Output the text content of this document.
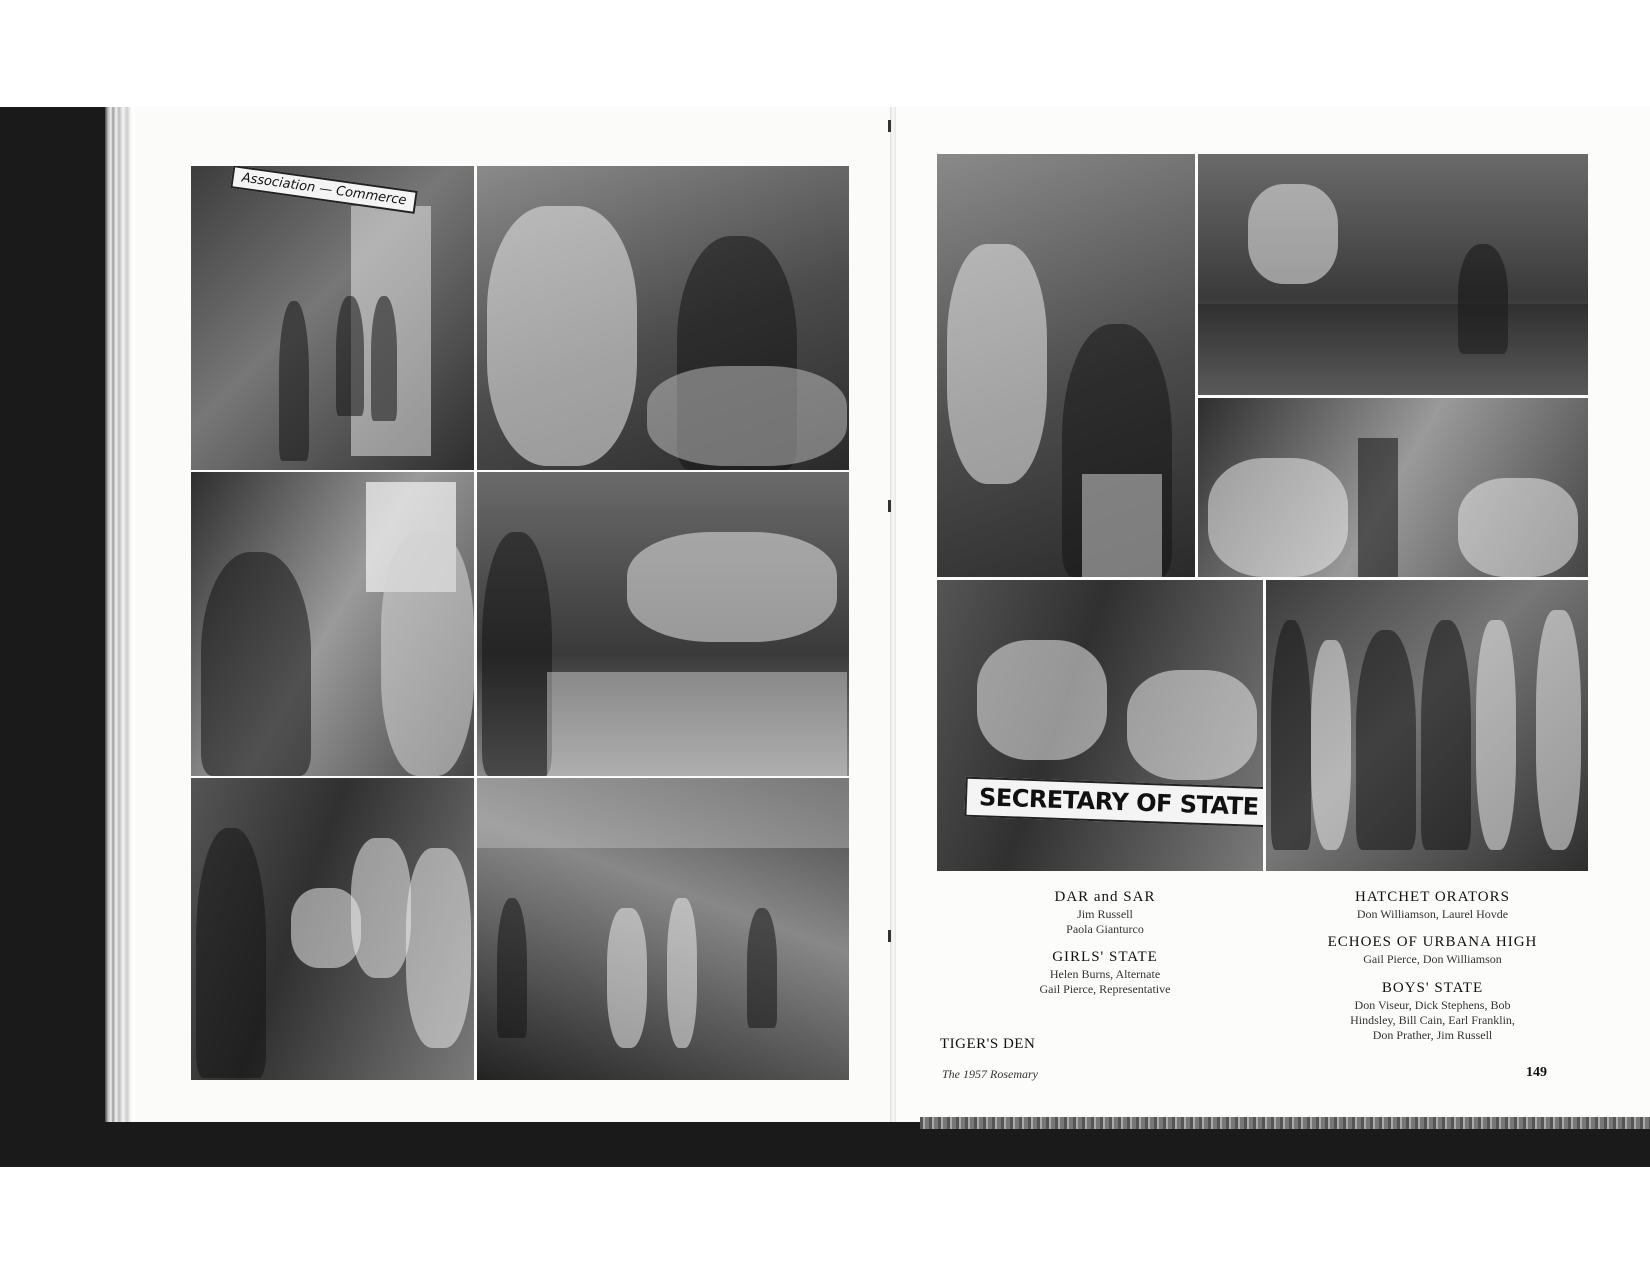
Association — Commerce
SECRETARY OF STATE
DAR and SAR
Jim Russell
Paola Gianturco
GIRLS' STATE
Helen Burns, Alternate
Gail Pierce, Representative
HATCHET ORATORS
Don Williamson, Laurel Hovde
ECHOES OF URBANA HIGH
Gail Pierce, Don Williamson
BOYS' STATE
Don Viseur, Dick Stephens, Bob
Hindsley, Bill Cain, Earl Franklin,
Don Prather, Jim Russell
TIGER'S DEN
The 1957 Rosemary	149
